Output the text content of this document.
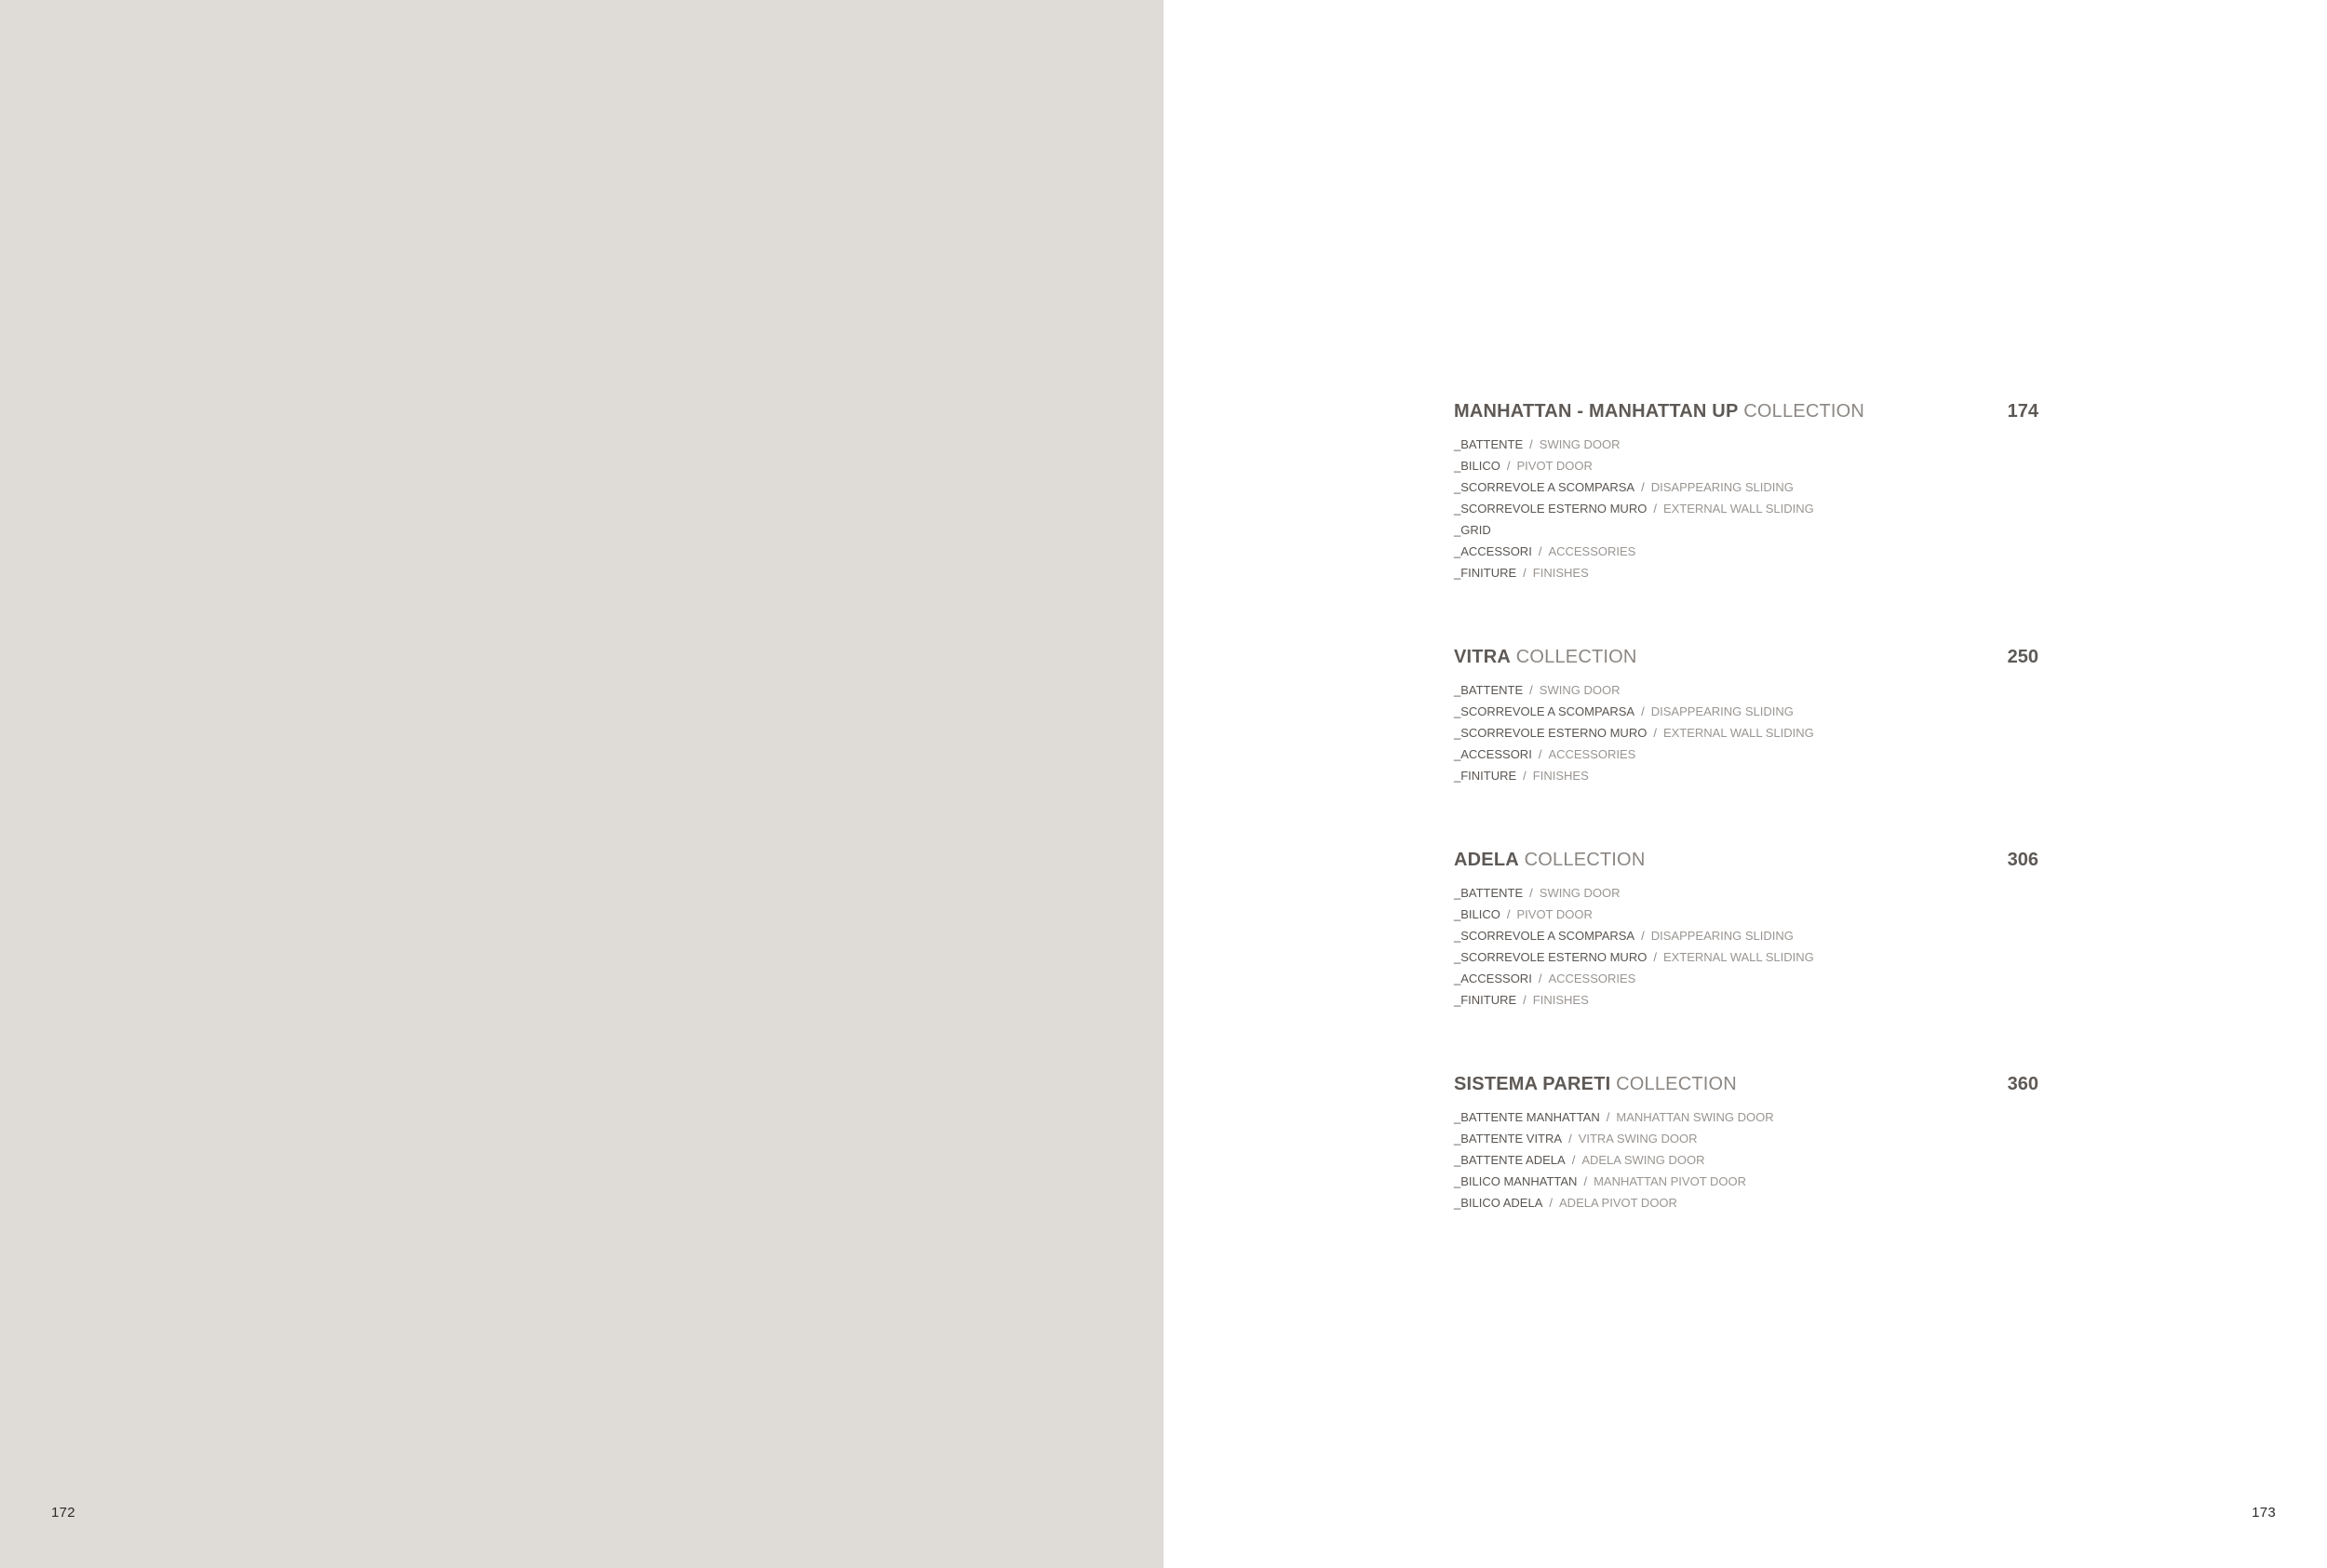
172	173
MANHATTAN - MANHATTAN UP COLLECTION	174
_BATTENTE / SWING DOOR
_BILICO / PIVOT DOOR
_SCORREVOLE A SCOMPARSA / DISAPPEARING SLIDING
_SCORREVOLE ESTERNO MURO / EXTERNAL WALL SLIDING
_GRID
_ACCESSORI / ACCESSORIES
_FINITURE / FINISHES
VITRA COLLECTION	250
_BATTENTE / SWING DOOR
_SCORREVOLE A SCOMPARSA / DISAPPEARING SLIDING
_SCORREVOLE ESTERNO MURO / EXTERNAL WALL SLIDING
_ACCESSORI / ACCESSORIES
_FINITURE / FINISHES
ADELA COLLECTION	306
_BATTENTE / SWING DOOR
_BILICO / PIVOT DOOR
_SCORREVOLE A SCOMPARSA / DISAPPEARING SLIDING
_SCORREVOLE ESTERNO MURO / EXTERNAL WALL SLIDING
_ACCESSORI / ACCESSORIES
_FINITURE / FINISHES
SISTEMA PARETI COLLECTION	360
_BATTENTE MANHATTAN / MANHATTAN SWING DOOR
_BATTENTE VITRA / VITRA SWING DOOR
_BATTENTE ADELA / ADELA SWING DOOR
_BILICO MANHATTAN / MANHATTAN PIVOT DOOR
_BILICO ADELA / ADELA PIVOT DOOR
